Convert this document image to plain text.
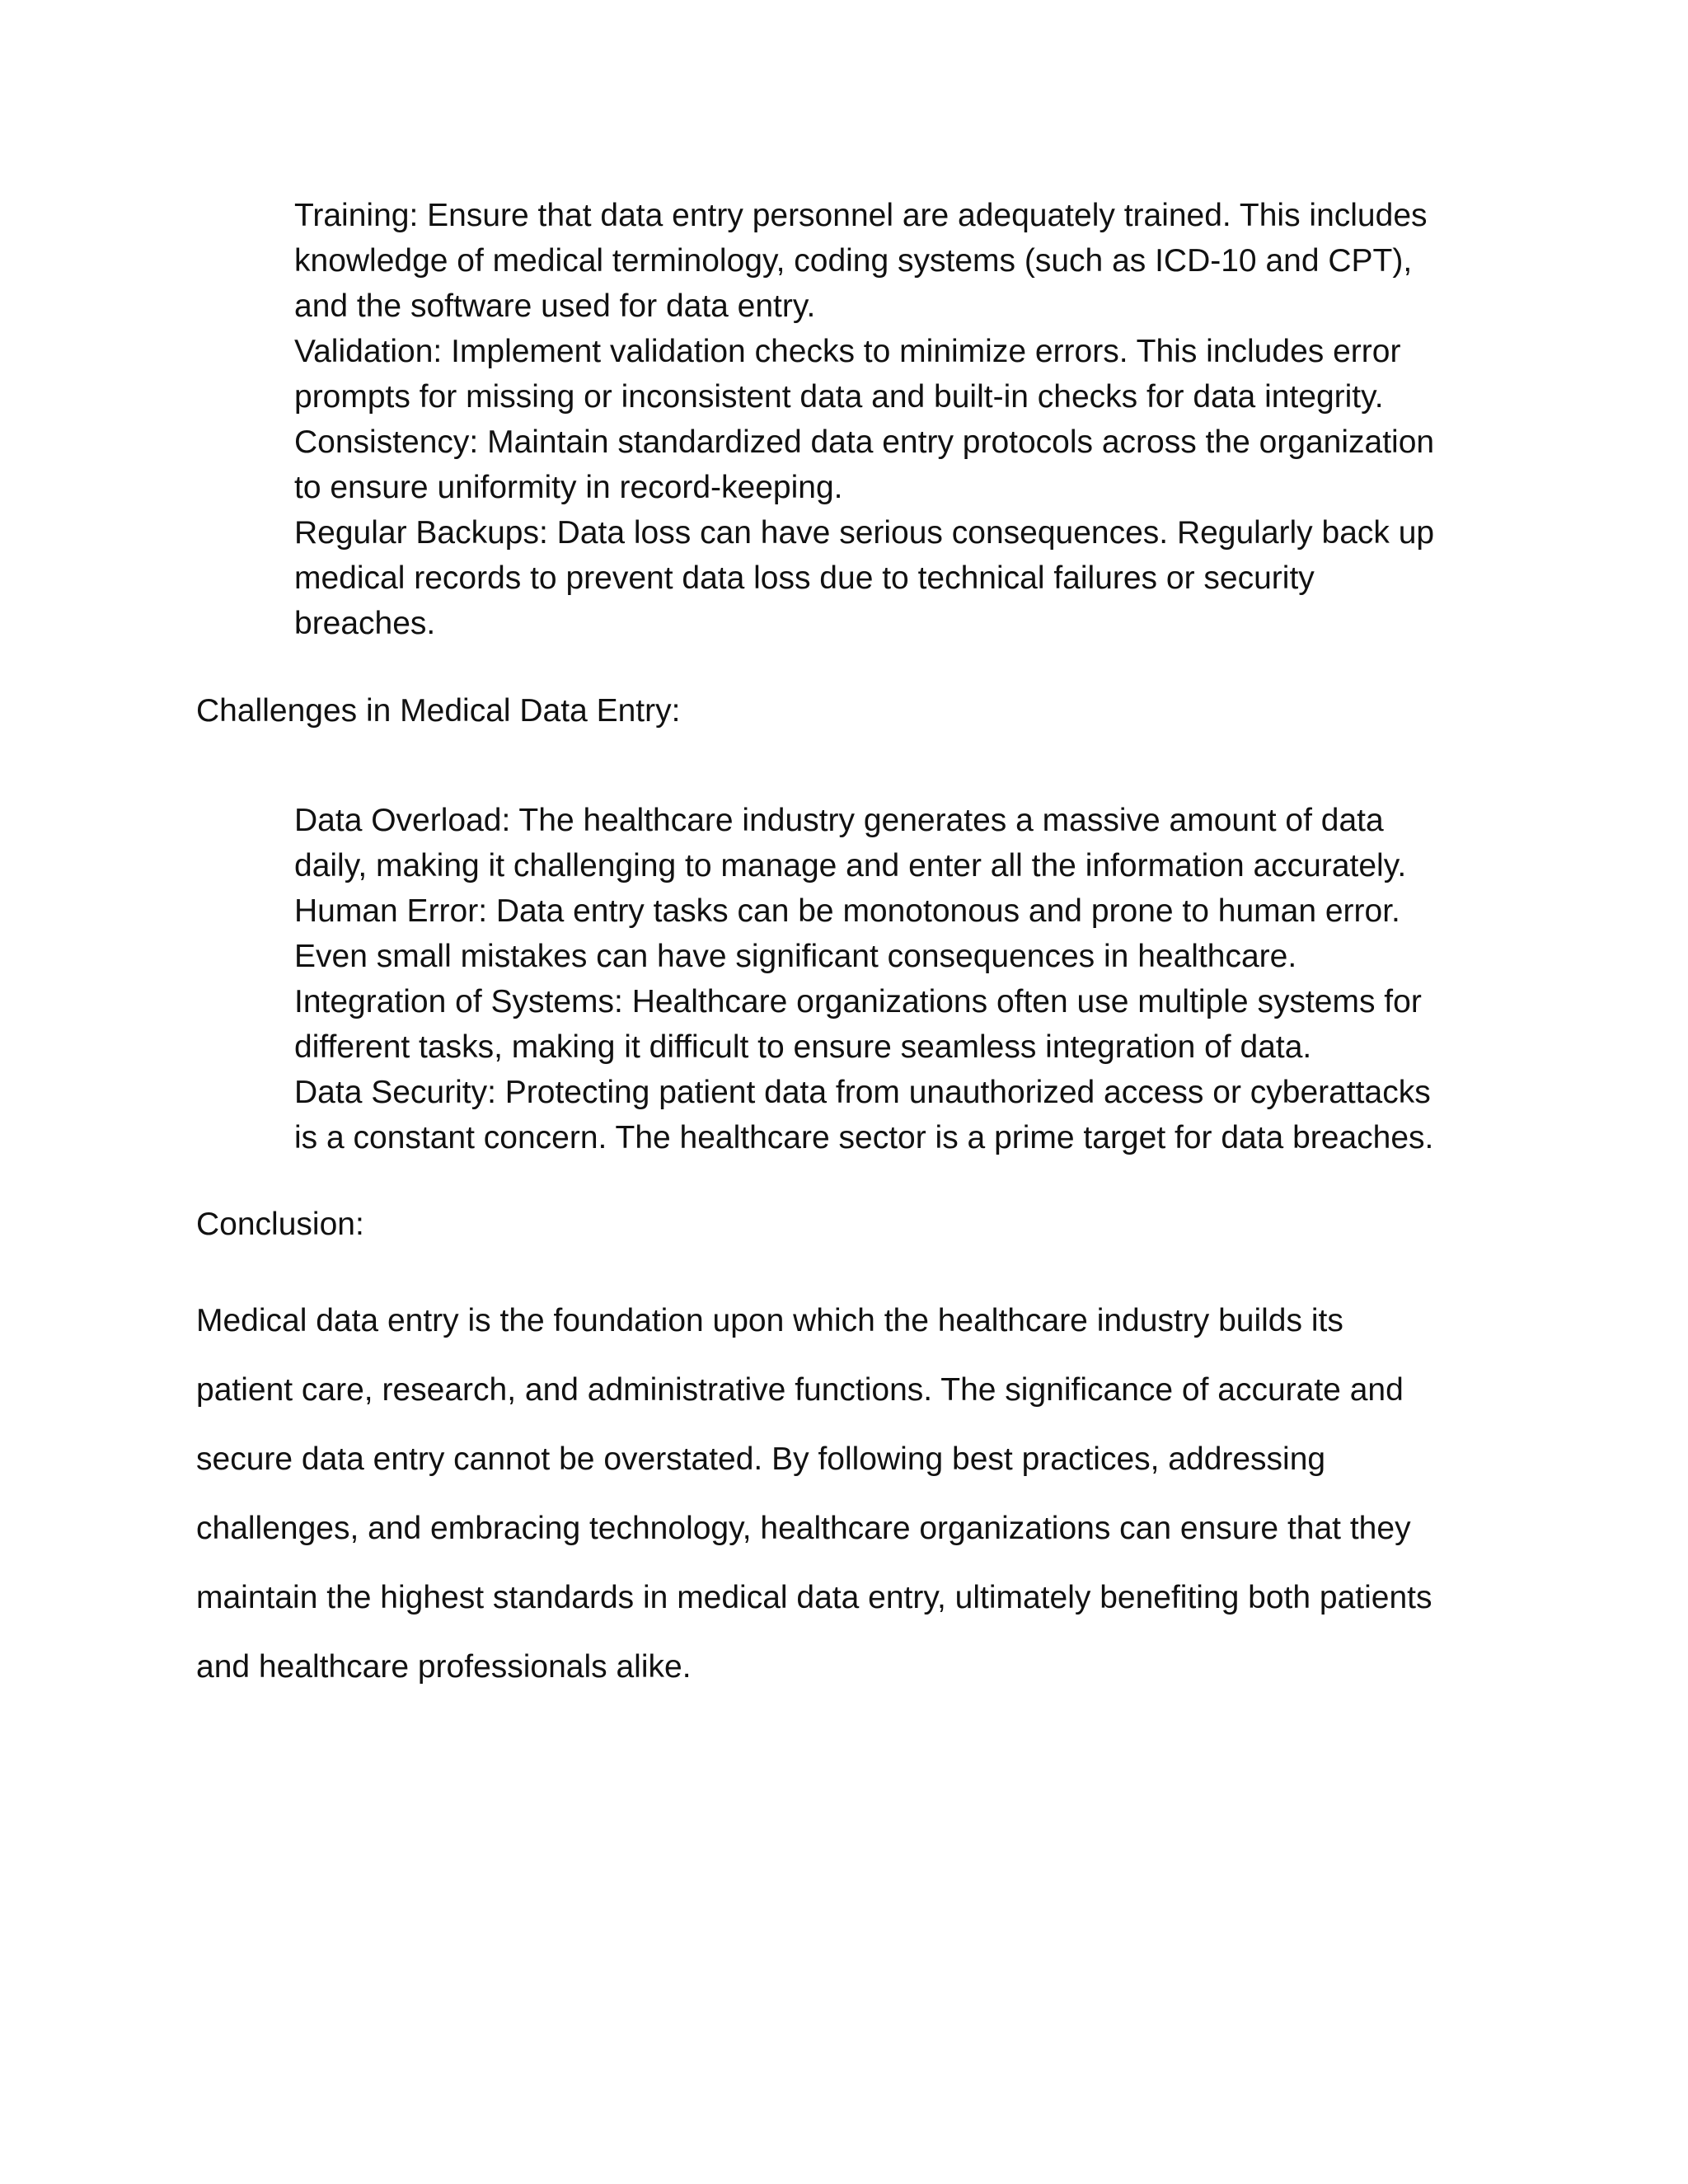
Training: Ensure that data entry personnel are adequately trained. This includes
knowledge of medical terminology, coding systems (such as ICD-10 and CPT),
and the software used for data entry.
Validation: Implement validation checks to minimize errors. This includes error
prompts for missing or inconsistent data and built-in checks for data integrity.
Consistency: Maintain standardized data entry protocols across the organization
to ensure uniformity in record-keeping.
Regular Backups: Data loss can have serious consequences. Regularly back up
medical records to prevent data loss due to technical failures or security
breaches.
Challenges in Medical Data Entry:
Data Overload: The healthcare industry generates a massive amount of data
daily, making it challenging to manage and enter all the information accurately.
Human Error: Data entry tasks can be monotonous and prone to human error.
Even small mistakes can have significant consequences in healthcare.
Integration of Systems: Healthcare organizations often use multiple systems for
different tasks, making it difficult to ensure seamless integration of data.
Data Security: Protecting patient data from unauthorized access or cyberattacks
is a constant concern. The healthcare sector is a prime target for data breaches.
Conclusion:
Medical data entry is the foundation upon which the healthcare industry builds its
patient care, research, and administrative functions. The significance of accurate and
secure data entry cannot be overstated. By following best practices, addressing
challenges, and embracing technology, healthcare organizations can ensure that they
maintain the highest standards in medical data entry, ultimately benefiting both patients
and healthcare professionals alike.
